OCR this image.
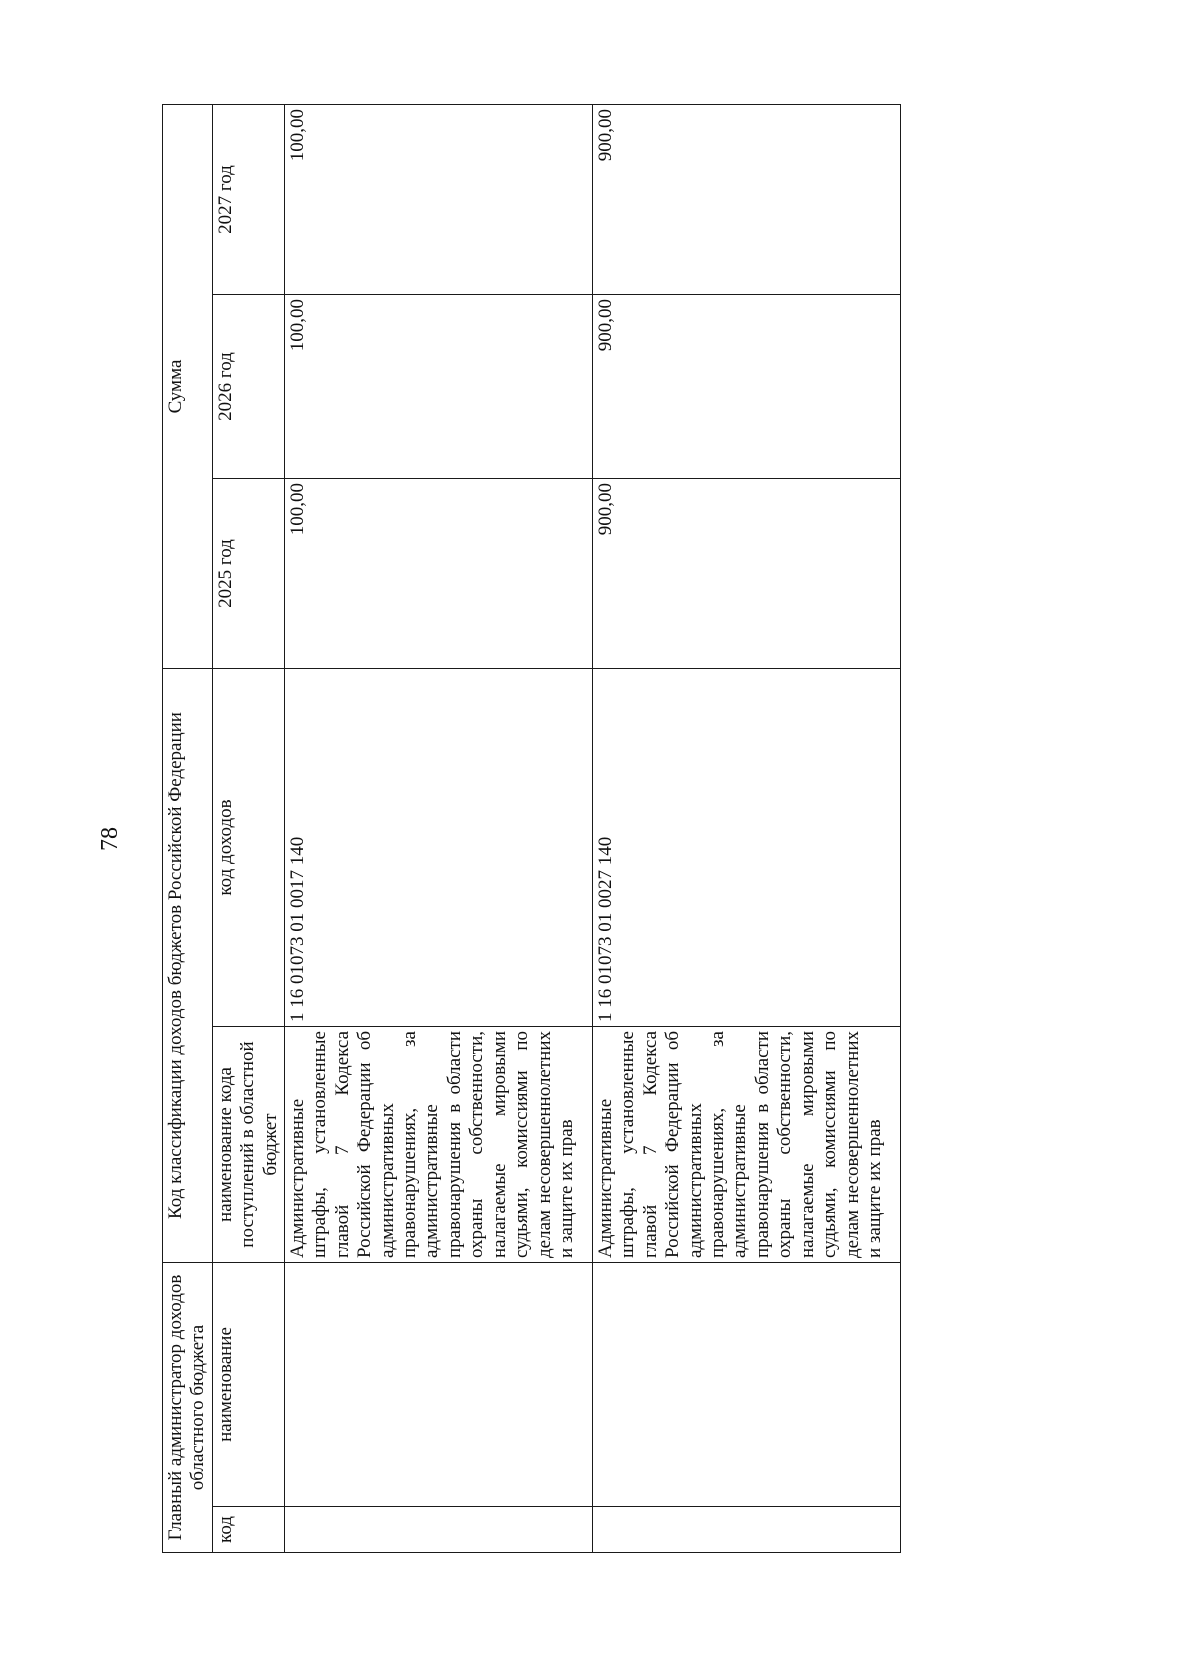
78
Главный администратор доходов областного бюджета		Код классификации доходов бюджетов Российской Федерации		Сумма		
код	наименование	наименование кода поступлений в областной бюджет	код доходов	2025 год	2026 год	2027 год
		Административные штрафы, установленные главой 7 Кодекса Российской Федерации об административных правонарушениях, за административные правонарушения в области охраны собственности, налагаемые мировыми судьями, комиссиями по делам несовершеннолетних и защите их прав	1 16 01073 01 0017 140	100,00	100,00	100,00
		Административные штрафы, установленные главой 7 Кодекса Российской Федерации об административных правонарушениях, за административные правонарушения в области охраны собственности, налагаемые мировыми судьями, комиссиями по делам несовершеннолетних и защите их прав	1 16 01073 01 0027 140	900,00	900,00	900,00
